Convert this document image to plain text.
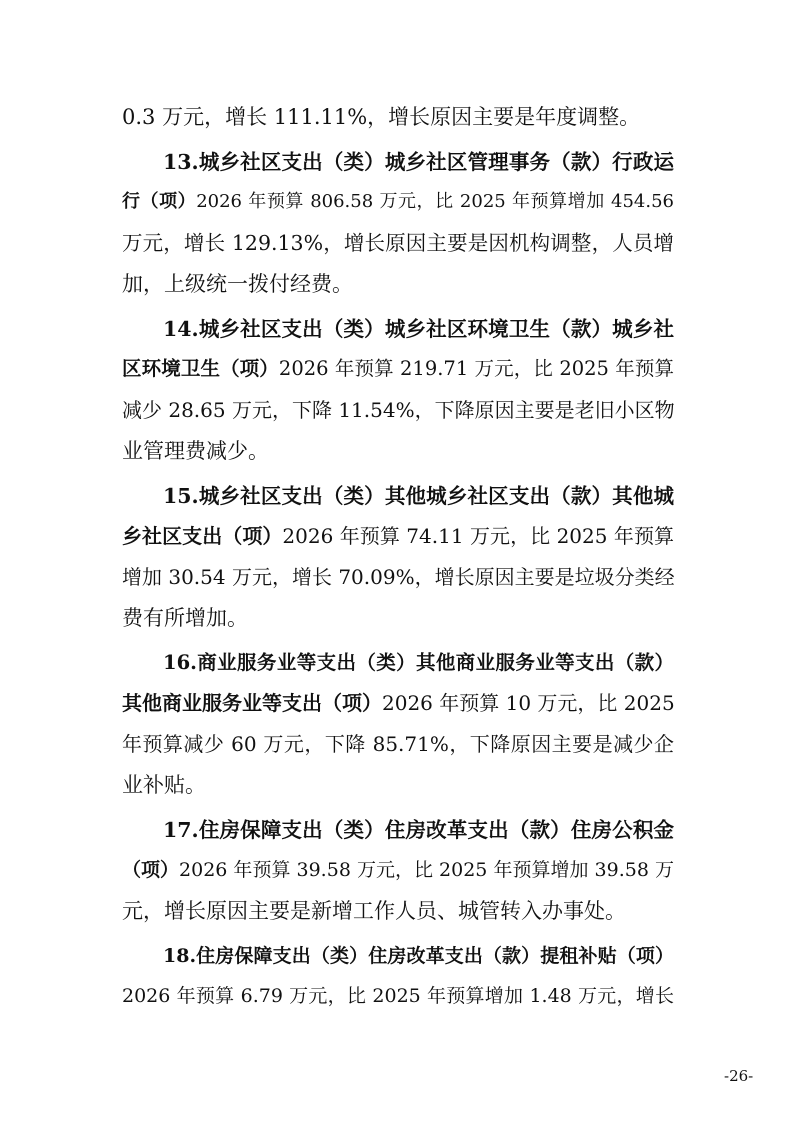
0.3 万元，增长 111.11%，增长原因主要是年度调整。
13.城乡社区支出（类）城乡社区管理事务（款）行政运
行（项）2026 年预算 806.58 万元，比 2025 年预算增加 454.56
万元，增长 129.13%，增长原因主要是因机构调整，人员增
加，上级统一拨付经费。
14.城乡社区支出（类）城乡社区环境卫生（款）城乡社
区环境卫生（项）2026 年预算 219.71 万元，比 2025 年预算
减少 28.65 万元，下降 11.54%，下降原因主要是老旧小区物
业管理费减少。
15.城乡社区支出（类）其他城乡社区支出（款）其他城
乡社区支出（项）2026 年预算 74.11 万元，比 2025 年预算
增加 30.54 万元，增长 70.09%，增长原因主要是垃圾分类经
费有所增加。
16.商业服务业等支出（类）其他商业服务业等支出（款）
其他商业服务业等支出（项）2026 年预算 10 万元，比 2025
年预算减少 60 万元，下降 85.71%，下降原因主要是减少企
业补贴。
17.住房保障支出（类）住房改革支出（款）住房公积金
（项）2026 年预算 39.58 万元，比 2025 年预算增加 39.58 万
元，增长原因主要是新增工作人员、城管转入办事处。
18.住房保障支出（类）住房改革支出（款）提租补贴（项）
2026 年预算 6.79 万元，比 2025 年预算增加 1.48 万元，增长
-26-
